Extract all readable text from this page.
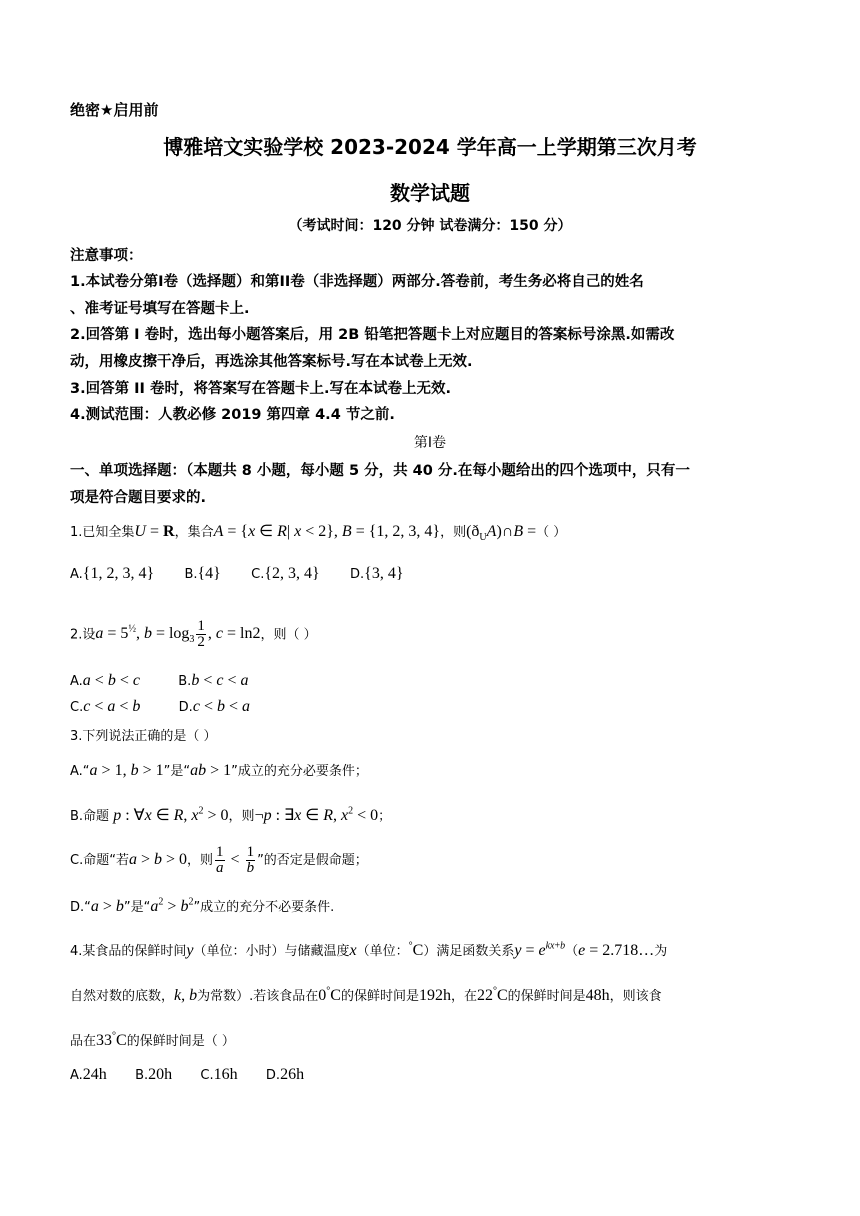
绝密★启用前
博雅培文实验学校 2023-2024 学年高一上学期第三次月考
数学试题
（考试时间：120 分钟 试卷满分：150 分）
注意事项：
1.本试卷分第Ⅰ卷（选择题）和第ⅠⅠ卷（非选择题）两部分.答卷前，考生务必将自己的姓名
、准考证号填写在答题卡上.
2.回答第 I 卷时，选出每小题答案后，用 2B 铅笔把答题卡上对应题目的答案标号涂黑.如需改
动，用橡皮擦干净后，再选涂其他答案标号.写在本试卷上无效.
3.回答第 II 卷时，将答案写在答题卡上.写在本试卷上无效.
4.测试范围：人教必修 2019 第四章 4.4 节之前.
第Ⅰ卷
一、单项选择题：（本题共 8 小题，每小题 5 分，共 40 分.在每小题给出的四个选项中，只有一
项是符合题目要求的.
1.已知全集U = R，集合A = {x ∈ R| x < 2}, B = {1, 2, 3, 4}，则$(ð_UA)\cap B$ =（ ）
A.{1, 2, 3, 4} B.{4} C.{2, 3, 4} D.{3, 4}
2.设$a = 5^{\frac{1}{2}}$, $b = \log_3 \frac{1}{2}$ , c = ln2，则（ ）
A.a < b < c	B.b < c < a
C.c < a < b	D.c < b < a
3.下列说法正确的是（ ）
A.“a > 1, b > 1”是“ab > 1”成立的充分必要条件；
B.命题 p : ∀x ∈ R, $x^2 > 0$，则¬p : ∃x ∈ R, $x^2 < 0$；
C.命题“若a > b > 0，则 $\frac{1}{a} < \frac{1}{b}$ ”的否定是假命题；
D.“a > b”是“$a^2 > b^2$”成立的充分不必要条件.
4.某食品的保鲜时间y（单位：小时）与储藏温度x（单位：°C）满足函数关系$y = e^{kx+b}(e$ = 2.718…为
自然对数的底数，k, b为常数）.若该食品在0°C的保鲜时间是192h，在22°C的保鲜时间是48h，则该食
品在33°C的保鲜时间是（ ）
A.24h B.20h C.16h D.26h
